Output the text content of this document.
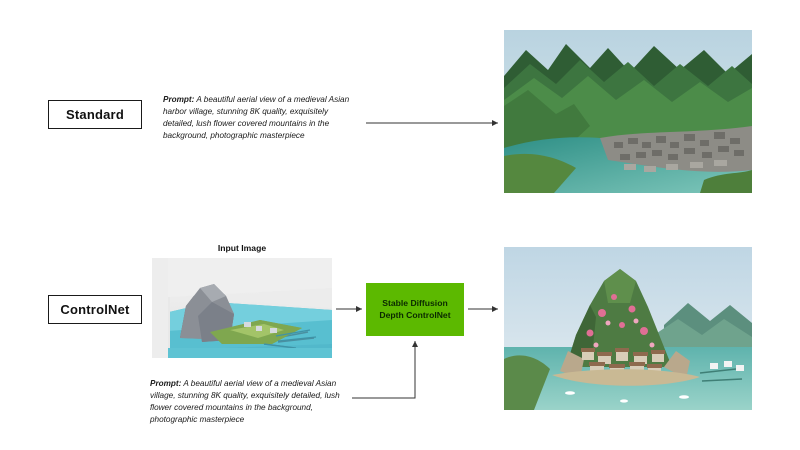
Standard
Prompt: A beautiful aerial view of a medieval Asian harbor village, stunning 8K quality, exquisitely detailed, lush flower covered mountains in the background, photographic masterpiece
ControlNet
Input Image
Stable Diffusion
Depth ControlNet
Prompt: A beautiful aerial view of a medieval Asian village, stunning 8K quality, exquisitely detailed, lush flower covered mountains in the background, photographic masterpiece
